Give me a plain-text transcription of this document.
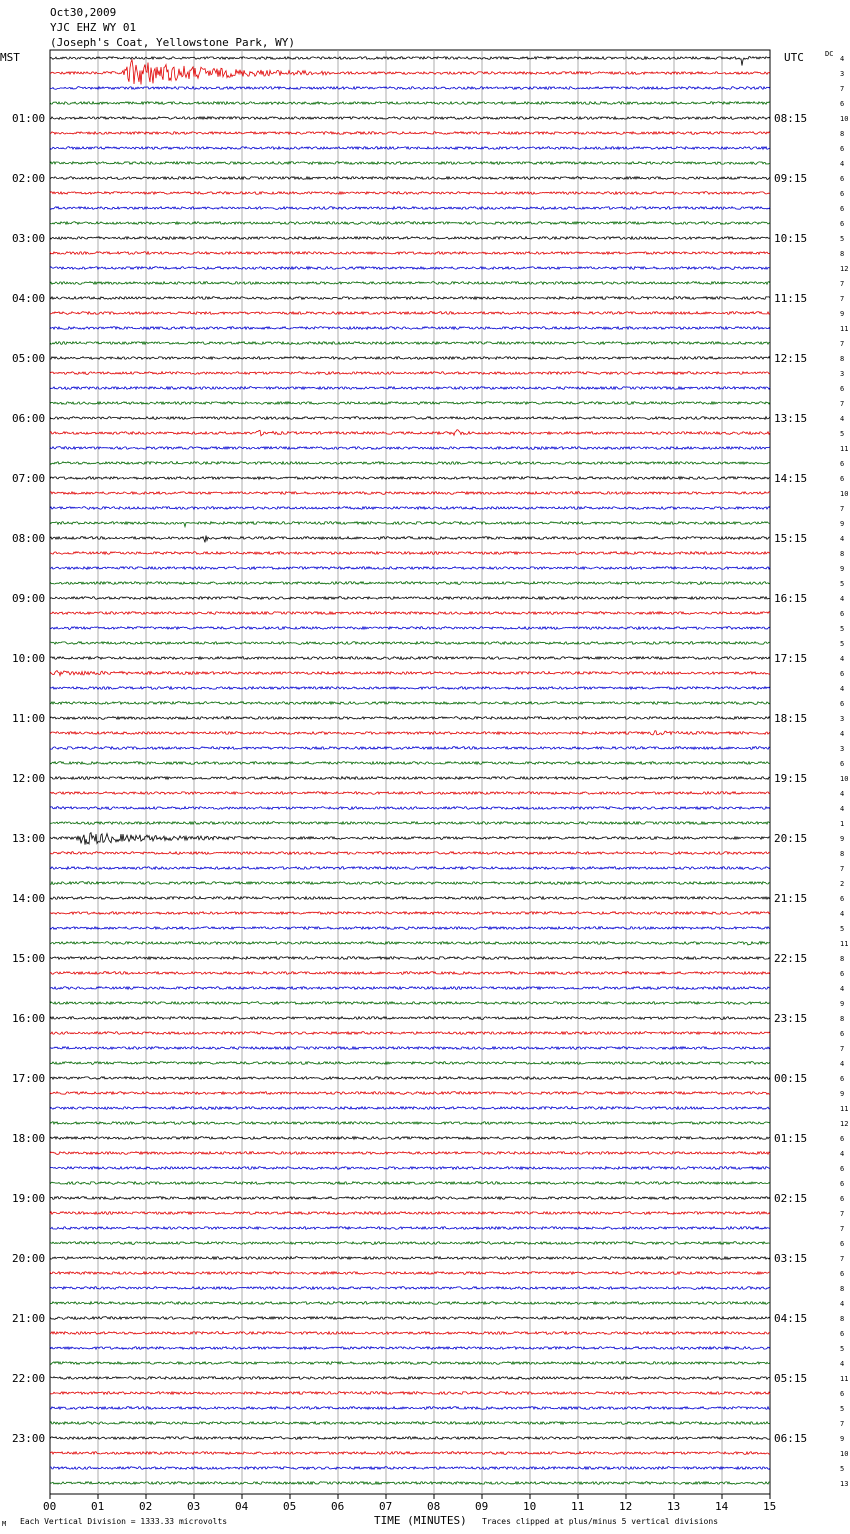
Oct30,2009
YJC EHZ WY 01
(Joseph's Coat, Yellowstone Park, WY)
MST	UTC	DC
01:00
02:00
03:00
04:00
05:00
06:00
07:00
08:00
09:00
10:00
11:00
12:00
13:00
14:00
15:00
16:00
17:00
18:00
19:00
20:00
21:00
22:00
23:00
08:15
09:15
10:15
11:15
12:15
13:15
14:15
15:15
16:15
17:15
18:15
19:15
20:15
21:15
22:15
23:15
00:15
01:15
02:15
03:15
04:15
05:15
06:15
4
3
7
6
10
8
6
4
6
6
6
6
5
8
12
7
7
9
11
7
8
3
6
7
4
5
11
6
6
10
7
9
4
8
9
5
4
6
5
5
4
6
4
6
3
4
3
6
10
4
4
1
9
8
7
2
6
4
5
11
8
6
4
9
8
6
7
4
6
9
11
12
6
4
6
6
6
7
7
6
7
6
8
4
8
6
5
4
11
6
5
7
9
10
5
13
00	01	02	03	04	05	06	07	08	09	10	11	12	13	14	15
M Each Vertical Division = 1333.33 microvolts	TIME (MINUTES) Traces clipped at plus/minus 5 vertical divisions
